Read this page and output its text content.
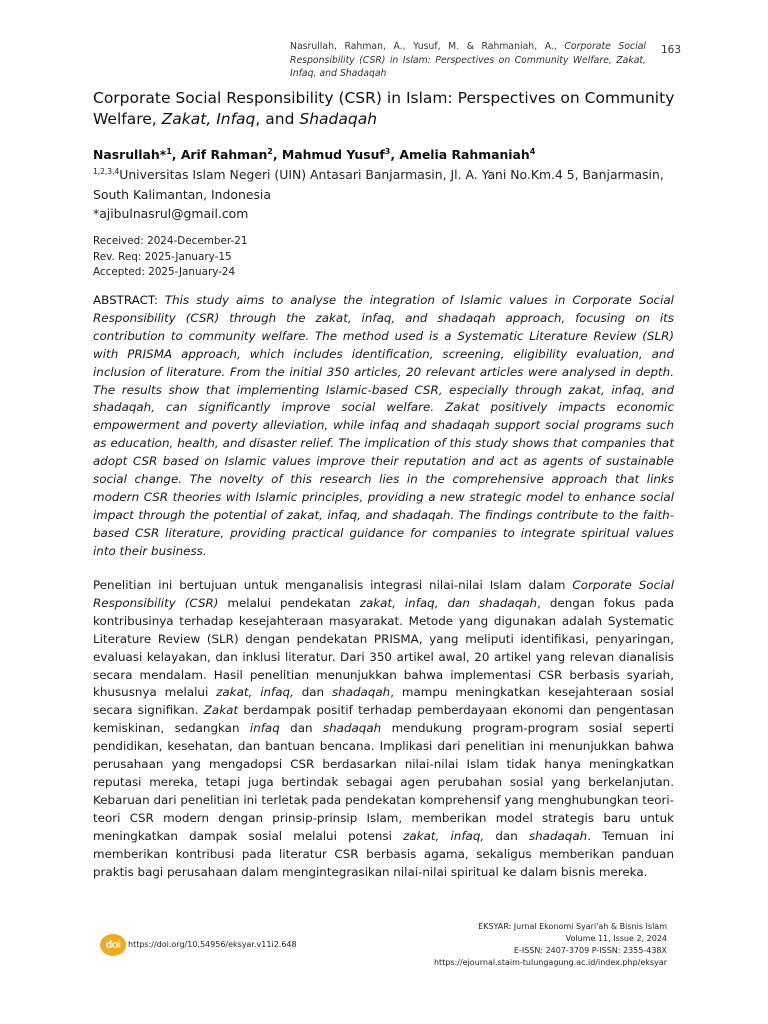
Nasrullah, Rahman, A., Yusuf, M. & Rahmaniah, A., Corporate Social Responsibility (CSR) in Islam: Perspectives on Community Welfare, Zakat, Infaq, and Shadaqah
163
Corporate Social Responsibility (CSR) in Islam: Perspectives on Community Welfare, Zakat, Infaq, and Shadaqah
Nasrullah*$^1$, Arif Rahman$^2$, Mahmud Yusuf$^3$, Amelia Rahmaniah$^4$
$^{1,2,3,4}$Universitas Islam Negeri (UIN) Antasari Banjarmasin, Jl. A. Yani No.Km.4 5, Banjarmasin, South Kalimantan, Indonesia
*ajibulnasrul@gmail.com
Received: 2024-December-21
Rev. Req: 2025-January-15
Accepted: 2025-January-24
ABSTRACT: This study aims to analyse the integration of Islamic values in Corporate Social Responsibility (CSR) through the zakat, infaq, and shadaqah approach, focusing on its contribution to community welfare. The method used is a Systematic Literature Review (SLR) with PRISMA approach, which includes identification, screening, eligibility evaluation, and inclusion of literature. From the initial 350 articles, 20 relevant articles were analysed in depth. The results show that implementing Islamic-based CSR, especially through zakat, infaq, and shadaqah, can significantly improve social welfare. Zakat positively impacts economic empowerment and poverty alleviation, while infaq and shadaqah support social programs such as education, health, and disaster relief. The implication of this study shows that companies that adopt CSR based on Islamic values improve their reputation and act as agents of sustainable social change. The novelty of this research lies in the comprehensive approach that links modern CSR theories with Islamic principles, providing a new strategic model to enhance social impact through the potential of zakat, infaq, and shadaqah. The findings contribute to the faith-based CSR literature, providing practical guidance for companies to integrate spiritual values into their business.
Penelitian ini bertujuan untuk menganalisis integrasi nilai-nilai Islam dalam Corporate Social Responsibility (CSR) melalui pendekatan zakat, infaq, dan shadaqah, dengan fokus pada kontribusinya terhadap kesejahteraan masyarakat. Metode yang digunakan adalah Systematic Literature Review (SLR) dengan pendekatan PRISMA, yang meliputi identifikasi, penyaringan, evaluasi kelayakan, dan inklusi literatur. Dari 350 artikel awal, 20 artikel yang relevan dianalisis secara mendalam. Hasil penelitian menunjukkan bahwa implementasi CSR berbasis syariah, khususnya melalui zakat, infaq, dan shadaqah, mampu meningkatkan kesejahteraan sosial secara signifikan. Zakat berdampak positif terhadap pemberdayaan ekonomi dan pengentasan kemiskinan, sedangkan infaq dan shadaqah mendukung program-program sosial seperti pendidikan, kesehatan, dan bantuan bencana. Implikasi dari penelitian ini menunjukkan bahwa perusahaan yang mengadopsi CSR berdasarkan nilai-nilai Islam tidak hanya meningkatkan reputasi mereka, tetapi juga bertindak sebagai agen perubahan sosial yang berkelanjutan. Kebaruan dari penelitian ini terletak pada pendekatan komprehensif yang menghubungkan teori-teori CSR modern dengan prinsip-prinsip Islam, memberikan model strategis baru untuk meningkatkan dampak sosial melalui potensi zakat, infaq, dan shadaqah. Temuan ini memberikan kontribusi pada literatur CSR berbasis agama, sekaligus memberikan panduan praktis bagi perusahaan dalam mengintegrasikan nilai-nilai spiritual ke dalam bisnis mereka.
doi https://doi.org/10.54956/eksyar.v11i2.648
EKSYAR: Jurnal Ekonomi Syari'ah & Bisnis Islam
Volume 11, Issue 2, 2024
E-ISSN: 2407-3709 P-ISSN: 2355-438X
https://ejournal.staim-tulungagung.ac.id/index.php/eksyar
